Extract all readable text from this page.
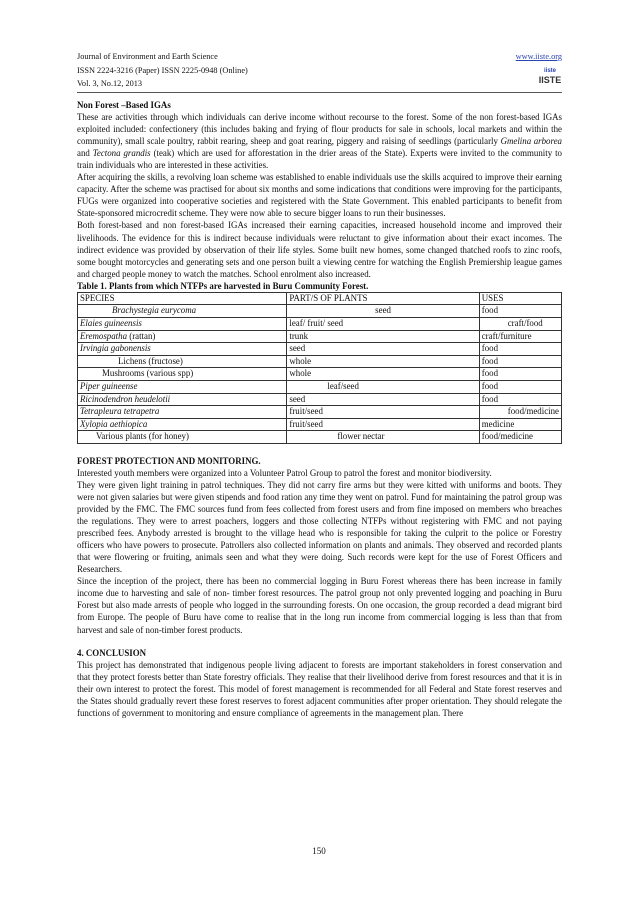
Journal of Environment and Earth Science	www.iiste.org
ISSN 2224-3216 (Paper) ISSN 2225-0948 (Online)
Vol. 3, No.12, 2013
iiste
IISTE
Non Forest –Based IGAs

These are activities through which individuals can derive income without recourse to the forest. Some of the non forest-based IGAs exploited included: confectionery (this includes baking and frying of flour products for sale in schools, local markets and within the community), small scale poultry, rabbit rearing, sheep and goat rearing, piggery and raising of seedlings (particularly Gmelina arborea and Tectona grandis (teak) which are used for afforestation in the drier areas of the State). Experts were invited to the community to train individuals who are interested in these activities.

After acquiring the skills, a revolving loan scheme was established to enable individuals use the skills acquired to improve their earning capacity. After the scheme was practised for about six months and some indications that conditions were improving for the participants, FUGs were organized into cooperative societies and registered with the State Government. This enabled participants to benefit from State-sponsored microcredit scheme. They were now able to secure bigger loans to run their businesses.

Both forest-based and non forest-based IGAs increased their earning capacities, increased household income and improved their livelihoods. The evidence for this is indirect because individuals were reluctant to give information about their exact incomes. The indirect evidence was provided by observation of their life styles. Some built new homes, some changed thatched roofs to zinc roofs, some bought motorcycles and generating sets and one person built a viewing centre for watching the English Premiership league games and charged people money to watch the matches. School enrolment also increased.

Table 1. Plants from which NTFPs are harvested in Buru Community Forest.
SPECIES	PART/S OF PLANTS	USES
Brachystegia eurycoma	seed	food
Elaies guineensis	leaf/ fruit/ seed	craft/food
Eremospatha (rattan)	trunk	craft/furniture
Irvingia gabonensis	seed	food
Lichens (fructose)	whole	food
Mushrooms (various spp)	whole	food
Piper guineense	leaf/seed	food
Ricinodendron heudelotii	seed	food
Tetrapleura tetrapetra	fruit/seed	food/medicine
Xylopia aethiopica	fruit/seed	medicine
Various plants (for honey)	flower nectar	food/medicine
FOREST PROTECTION AND MONITORING.

Interested youth members were organized into a Volunteer Patrol Group to patrol the forest and monitor biodiversity.

They were given light training in patrol techniques. They did not carry fire arms but they were kitted with uniforms and boots. They were not given salaries but were given stipends and food ration any time they went on patrol. Fund for maintaining the patrol group was provided by the FMC. The FMC sources fund from fees collected from forest users and from fine imposed on members who breaches the regulations. They were to arrest poachers, loggers and those collecting NTFPs without registering with FMC and not paying prescribed fees. Anybody arrested is brought to the village head who is responsible for taking the culprit to the police or Forestry officers who have powers to prosecute. Patrollers also collected information on plants and animals. They observed and recorded plants that were flowering or fruiting, animals seen and what they were doing. Such records were kept for the use of Forest Officers and Researchers.

Since the inception of the project, there has been no commercial logging in Buru Forest whereas there has been increase in family income due to harvesting and sale of non- timber forest resources. The patrol group not only prevented logging and poaching in Buru Forest but also made arrests of people who logged in the surrounding forests. On one occasion, the group recorded a dead migrant bird from Europe. The people of Buru have come to realise that in the long run income from commercial logging is less than that from harvest and sale of non-timber forest products.

4. CONCLUSION

This project has demonstrated that indigenous people living adjacent to forests are important stakeholders in forest conservation and that they protect forests better than State forestry officials. They realise that their livelihood derive from forest resources and that it is in their own interest to protect the forest. This model of forest management is recommended for all Federal and State forest reserves and the States should gradually revert these forest reserves to forest adjacent communities after proper orientation. They should relegate the functions of government to monitoring and ensure compliance of agreements in the management plan. There

150
